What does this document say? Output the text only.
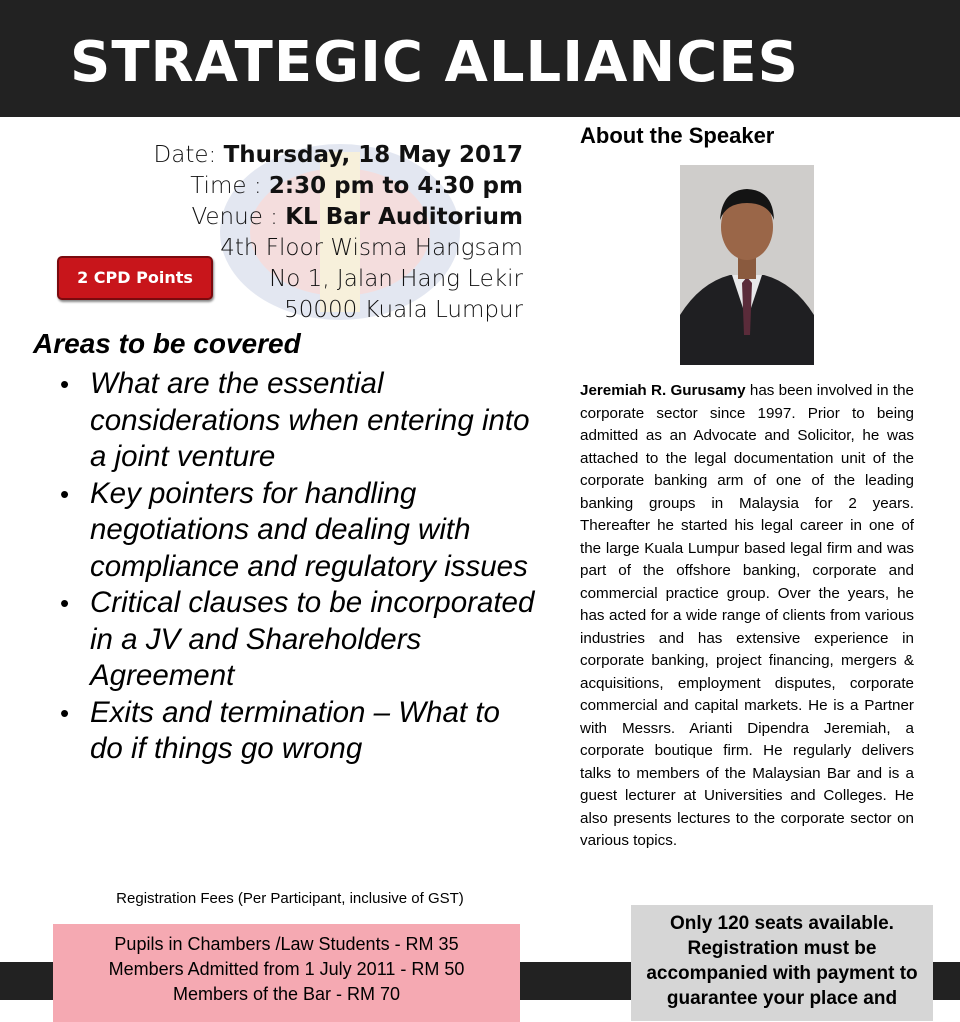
STRATEGIC ALLIANCES
Date: Thursday, 18 May 2017
Time : 2:30 pm to 4:30 pm
Venue : KL Bar Auditorium
4th Floor Wisma Hangsam
No 1, Jalan Hang Lekir
50000 Kuala Lumpur
2 CPD Points
Areas to be covered
• What are the essential considerations when entering into a joint venture
• Key pointers for handling negotiations and dealing with compliance and regulatory issues
• Critical clauses to be incorporated in a JV and Shareholders Agreement
• Exits and termination – What to do if things go wrong
About the Speaker
Jeremiah R. Gurusamy has been involved in the corporate sector since 1997. Prior to being admitted as an Advocate and Solicitor, he was attached to the legal documentation unit of the corporate banking arm of one of the leading banking groups in Malaysia for 2 years. Thereafter he started his legal career in one of the large Kuala Lumpur based legal firm and was part of the offshore banking, corporate and commercial practice group. Over the years, he has acted for a wide range of clients from various industries and has extensive experience in corporate banking, project financing, mergers & acquisitions, employment disputes, corporate commercial and capital markets. He is a Partner with Messrs. Arianti Dipendra Jeremiah, a corporate boutique firm. He regularly delivers talks to members of the Malaysian Bar and is a guest lecturer at Universities and Colleges. He also presents lectures to the corporate sector on various topics.
Registration Fees (Per Participant, inclusive of GST)
Pupils in Chambers /Law Students - RM 35
Members Admitted from 1 July 2011 - RM 50
Members of the Bar - RM 70
Only 120 seats available.
Registration must be
accompanied with payment to
guarantee your place and
